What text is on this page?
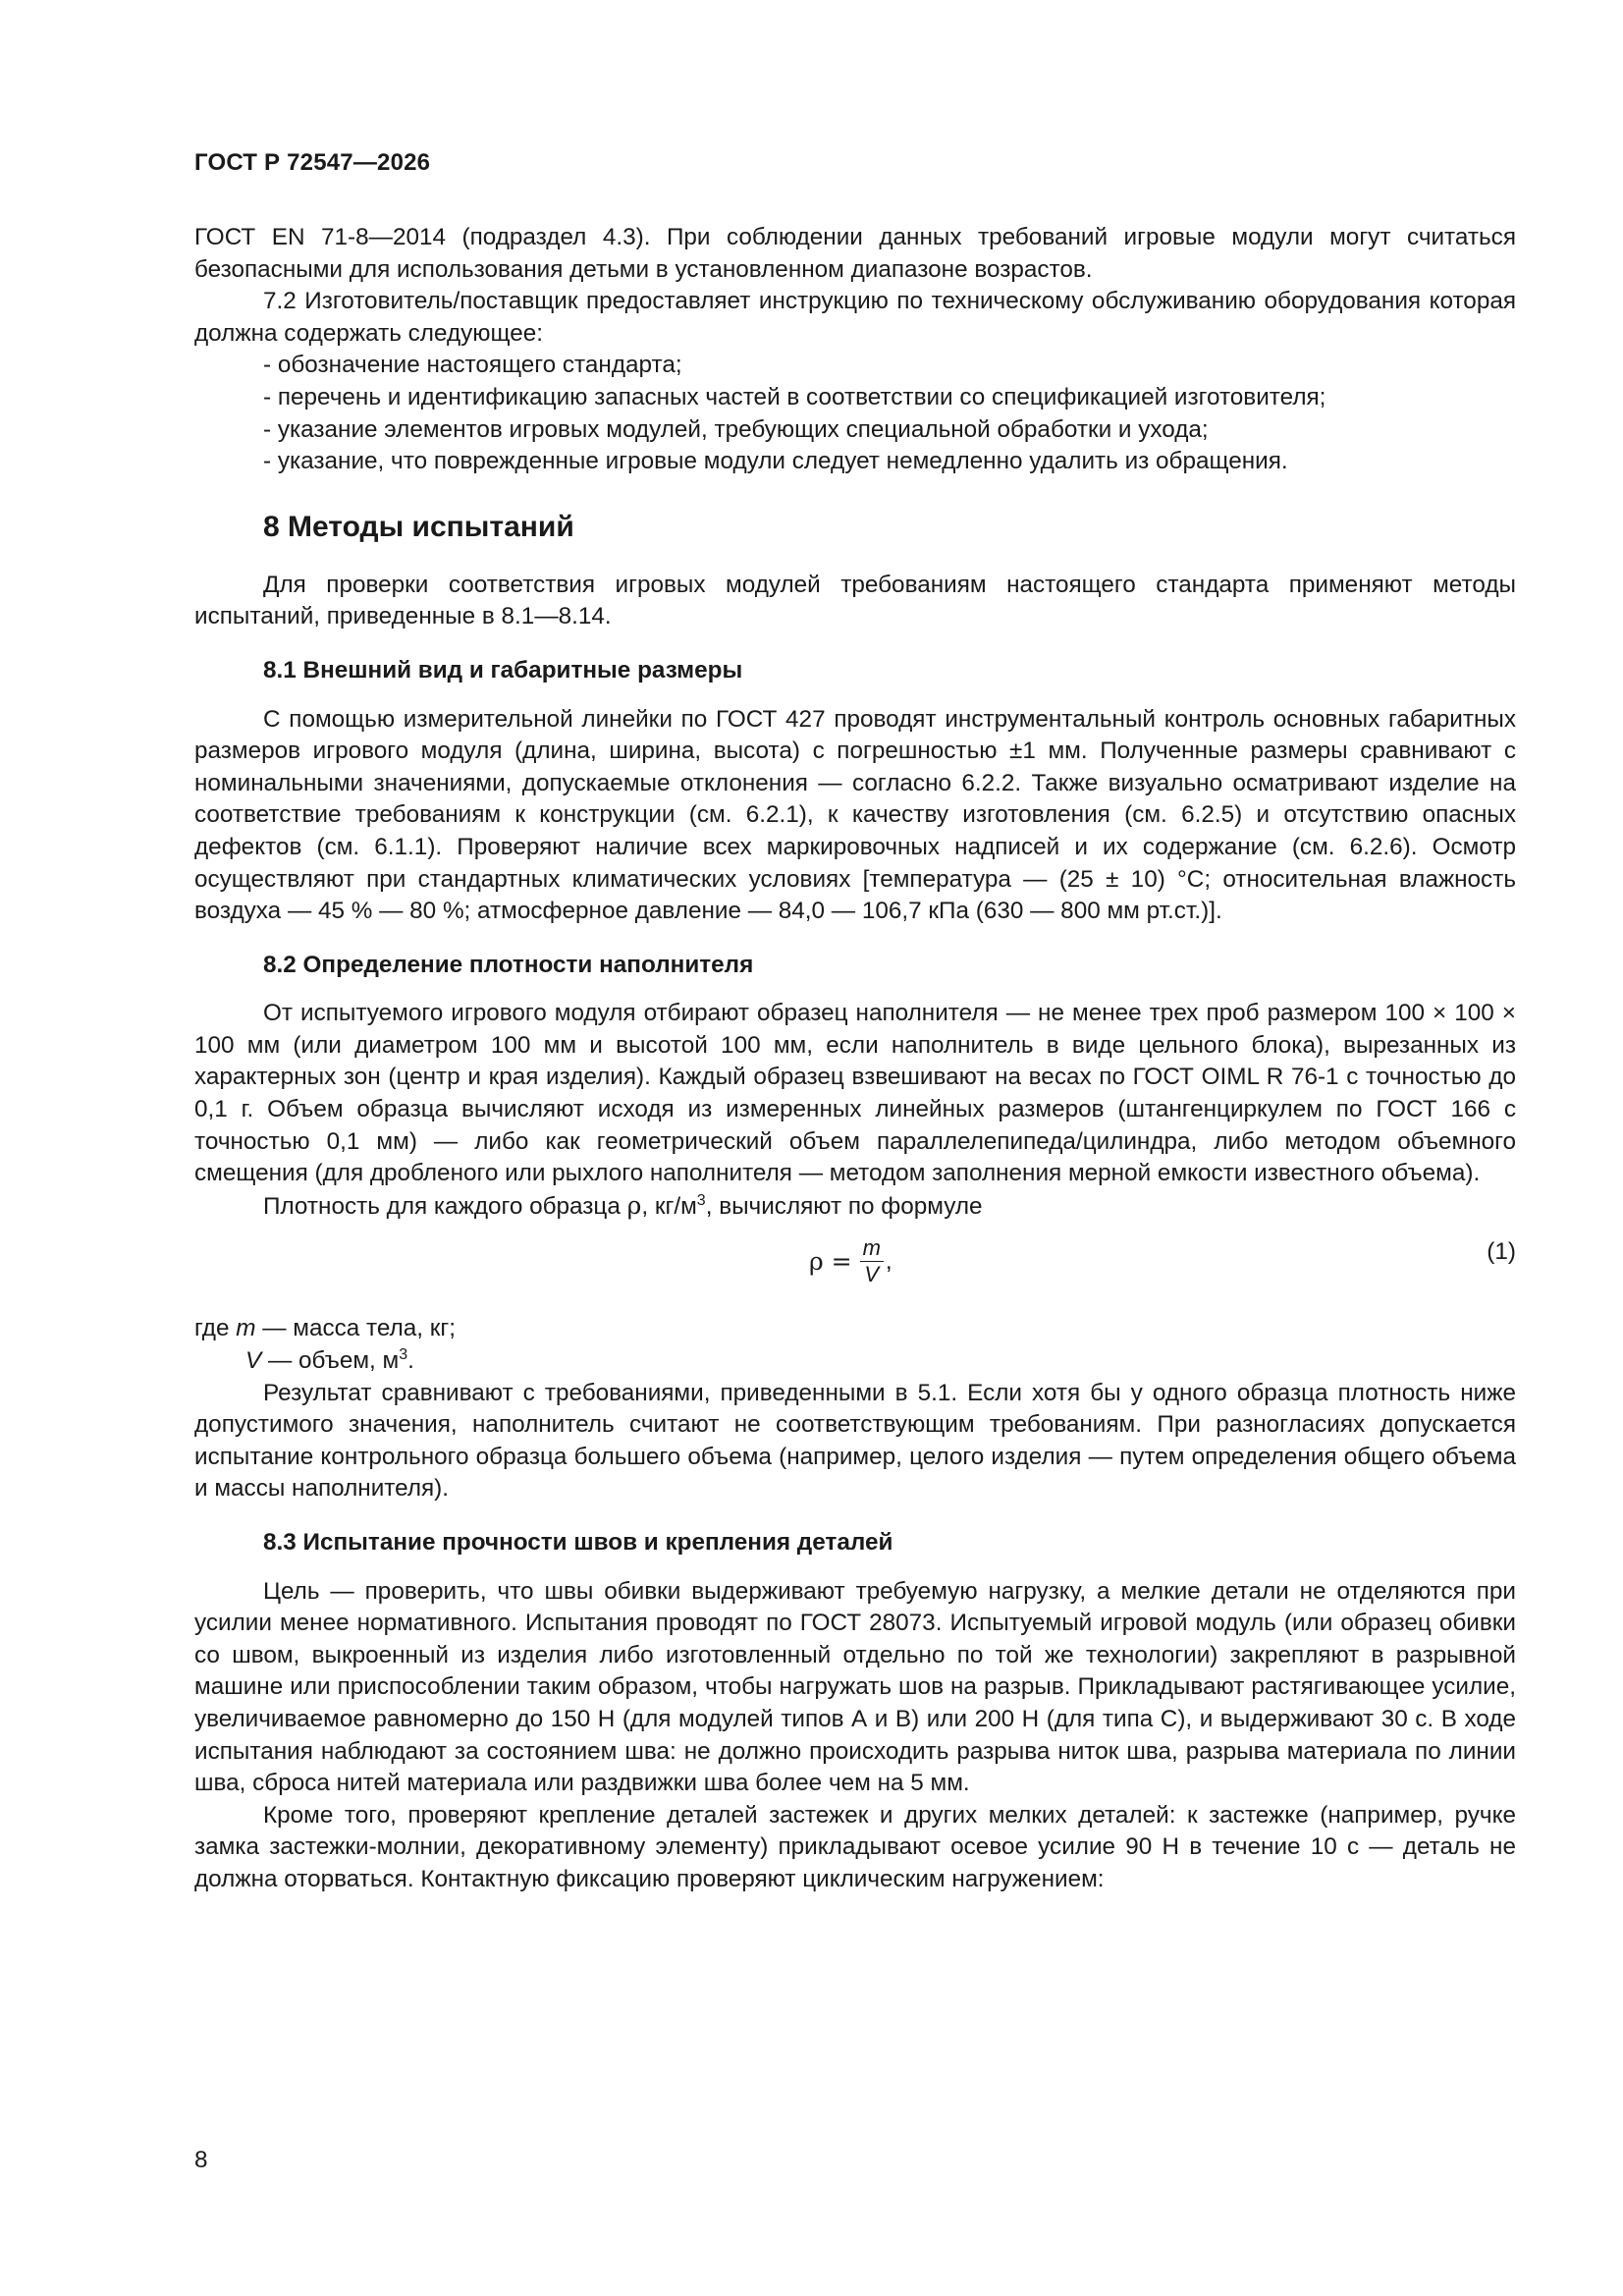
ГОСТ Р 72547—2026

ГОСТ EN 71-8—2014 (подраздел 4.3). При соблюдении данных требований игровые модули могут считаться безопасными для использования детьми в установленном диапазоне возрастов.

7.2 Изготовитель/поставщик предоставляет инструкцию по техническому обслуживанию оборудования которая должна содержать следующее:

- обозначение настоящего стандарта;

- перечень и идентификацию запасных частей в соответствии со спецификацией изготовителя;

- указание элементов игровых модулей, требующих специальной обработки и ухода;

- указание, что поврежденные игровые модули следует немедленно удалить из обращения.

8 Методы испытаний

Для проверки соответствия игровых модулей требованиям настоящего стандарта применяют методы испытаний, приведенные в 8.1—8.14.

8.1 Внешний вид и габаритные размеры

С помощью измерительной линейки по ГОСТ 427 проводят инструментальный контроль основных габаритных размеров игрового модуля (длина, ширина, высота) с погрешностью ±1 мм. Полученные размеры сравнивают с номинальными значениями, допускаемые отклонения — согласно 6.2.2. Также визуально осматривают изделие на соответствие требованиям к конструкции (см. 6.2.1), к качеству изготовления (см. 6.2.5) и отсутствию опасных дефектов (см. 6.1.1). Проверяют наличие всех маркировочных надписей и их содержание (см. 6.2.6). Осмотр осуществляют при стандартных климатических условиях [температура — (25 ± 10) °C; относительная влажность воздуха — 45 % — 80 %; атмосферное давление — 84,0 — 106,7 кПа (630 — 800 мм рт.ст.)].

8.2 Определение плотности наполнителя

От испытуемого игрового модуля отбирают образец наполнителя — не менее трех проб размером 100 × 100 × 100 мм (или диаметром 100 мм и высотой 100 мм, если наполнитель в виде цельного блока), вырезанных из характерных зон (центр и края изделия). Каждый образец взвешивают на весах по ГОСТ OIML R 76-1 с точностью до 0,1 г. Объем образца вычисляют исходя из измеренных линейных размеров (штангенциркулем по ГОСТ 166 с точностью 0,1 мм) — либо как геометрический объем параллелепипеда/цилиндра, либо методом объемного смещения (для дробленого или рыхлого наполнителя — методом заполнения мерной емкости известного объема).

Плотность для каждого образца ρ, $кг/м^3$, вычисляют по формуле

$\rho = \frac{m}{V}$ ,	(1)

где m — масса тела, кг;

V — объем, $м^3$.

Результат сравнивают с требованиями, приведенными в 5.1. Если хотя бы у одного образца плотность ниже допустимого значения, наполнитель считают не соответствующим требованиям. При разногласиях допускается испытание контрольного образца большего объема (например, целого изделия — путем определения общего объема и массы наполнителя).

8.3 Испытание прочности швов и крепления деталей

Цель — проверить, что швы обивки выдерживают требуемую нагрузку, а мелкие детали не отделяются при усилии менее нормативного. Испытания проводят по ГОСТ 28073. Испытуемый игровой модуль (или образец обивки со швом, выкроенный из изделия либо изготовленный отдельно по той же технологии) закрепляют в разрывной машине или приспособлении таким образом, чтобы нагружать шов на разрыв. Прикладывают растягивающее усилие, увеличиваемое равномерно до 150 Н (для модулей типов А и В) или 200 Н (для типа С), и выдерживают 30 с. В ходе испытания наблюдают за состоянием шва: не должно происходить разрыва ниток шва, разрыва материала по линии шва, сброса нитей материала или раздвижки шва более чем на 5 мм.

Кроме того, проверяют крепление деталей застежек и других мелких деталей: к застежке (например, ручке замка застежки-молнии, декоративному элементу) прикладывают осевое усилие 90 Н в течение 10 с — деталь не должна оторваться. Контактную фиксацию проверяют циклическим нагружением:

8
